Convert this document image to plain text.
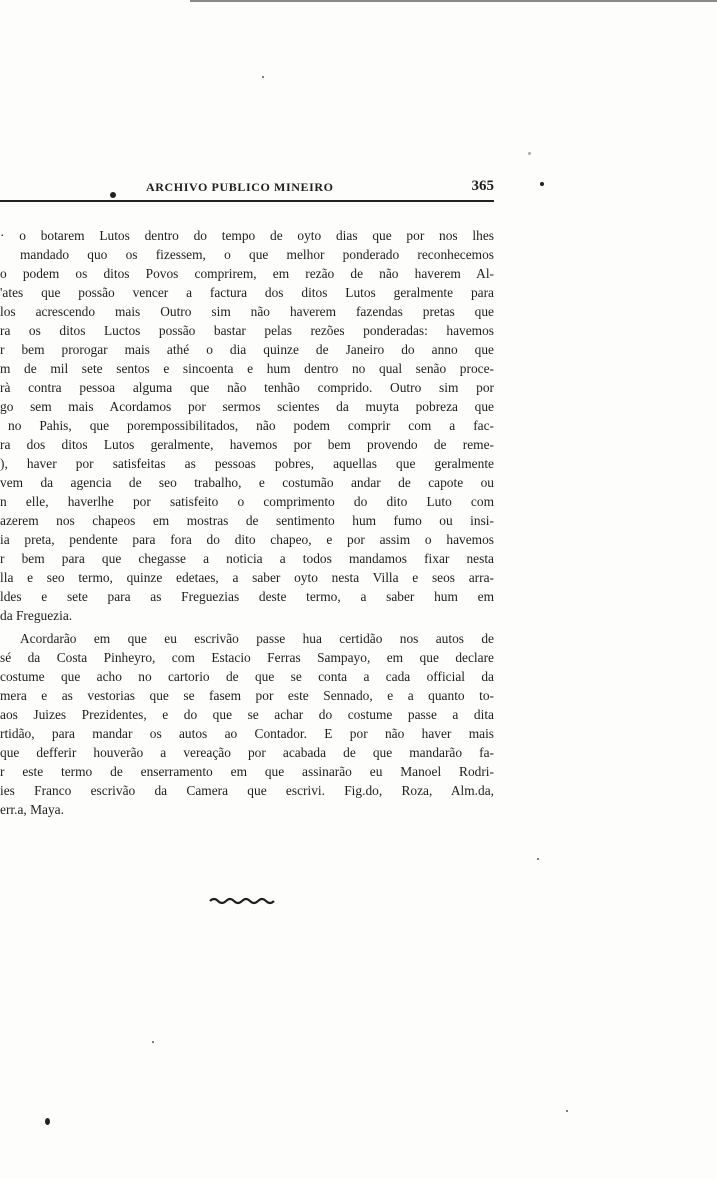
ARCHIVO PUBLICO MINEIRO	365
· o botarem Lutos dentro do tempo de oyto dias que por nos lhes
mandado quo os fizessem, o que melhor ponderado reconhecemos
o podem os ditos Povos comprirem, em rezão de não haverem Al-
'ates que possão vencer a factura dos ditos Lutos geralmente para
los acrescendo mais Outro sim não haverem fazendas pretas que
ra os ditos Luctos possão bastar pelas rezões ponderadas: havemos
r bem prorogar mais athé o dia quinze de Janeiro do anno que
m de mil sete sentos e sincoenta e hum dentro no qual senão proce-
rà contra pessoa alguma que não tenhão comprido. Outro sim por
go sem mais Acordamos por sermos scientes da muyta pobreza que
no Pahis, que porempossibilitados, não podem comprir com a fac-
ra dos ditos Lutos geralmente, havemos por bem provendo de reme-
), haver por satisfeitas as pessoas pobres, aquellas que geralmente
vem da agencia de seo trabalho, e costumão andar de capote ou
n elle, haverlhe por satisfeito o comprimento do dito Luto com
azerem nos chapeos em mostras de sentimento hum fumo ou insi-
ia preta, pendente para fora do dito chapeo, e por assim o havemos
r bem para que chegasse a noticia a todos mandamos fixar nesta
lla e seo termo, quinze edetaes, a saber oyto nesta Villa e seos arra-
ldes e sete para as Freguezias deste termo, a saber hum em
da Freguezia.
Acordarão em que eu escrivão passe hua certidão nos autos de
sé da Costa Pinheyro, com Estacio Ferras Sampayo, em que declare
costume que acho no cartorio de que se conta a cada official da
mera e as vestorias que se fasem por este Sennado, e a quanto to-
aos Juizes Prezidentes, e do que se achar do costume passe a dita
rtidão, para mandar os autos ao Contador. E por não haver mais
que defferir houverão a vereação por acabada de que mandarão fa-
r este termo de enserramento em que assinarão eu Manoel Rodri-
ies Franco escrivão da Camera que escrivi. Fig.do, Roza, Alm.da,
err.a, Maya.
